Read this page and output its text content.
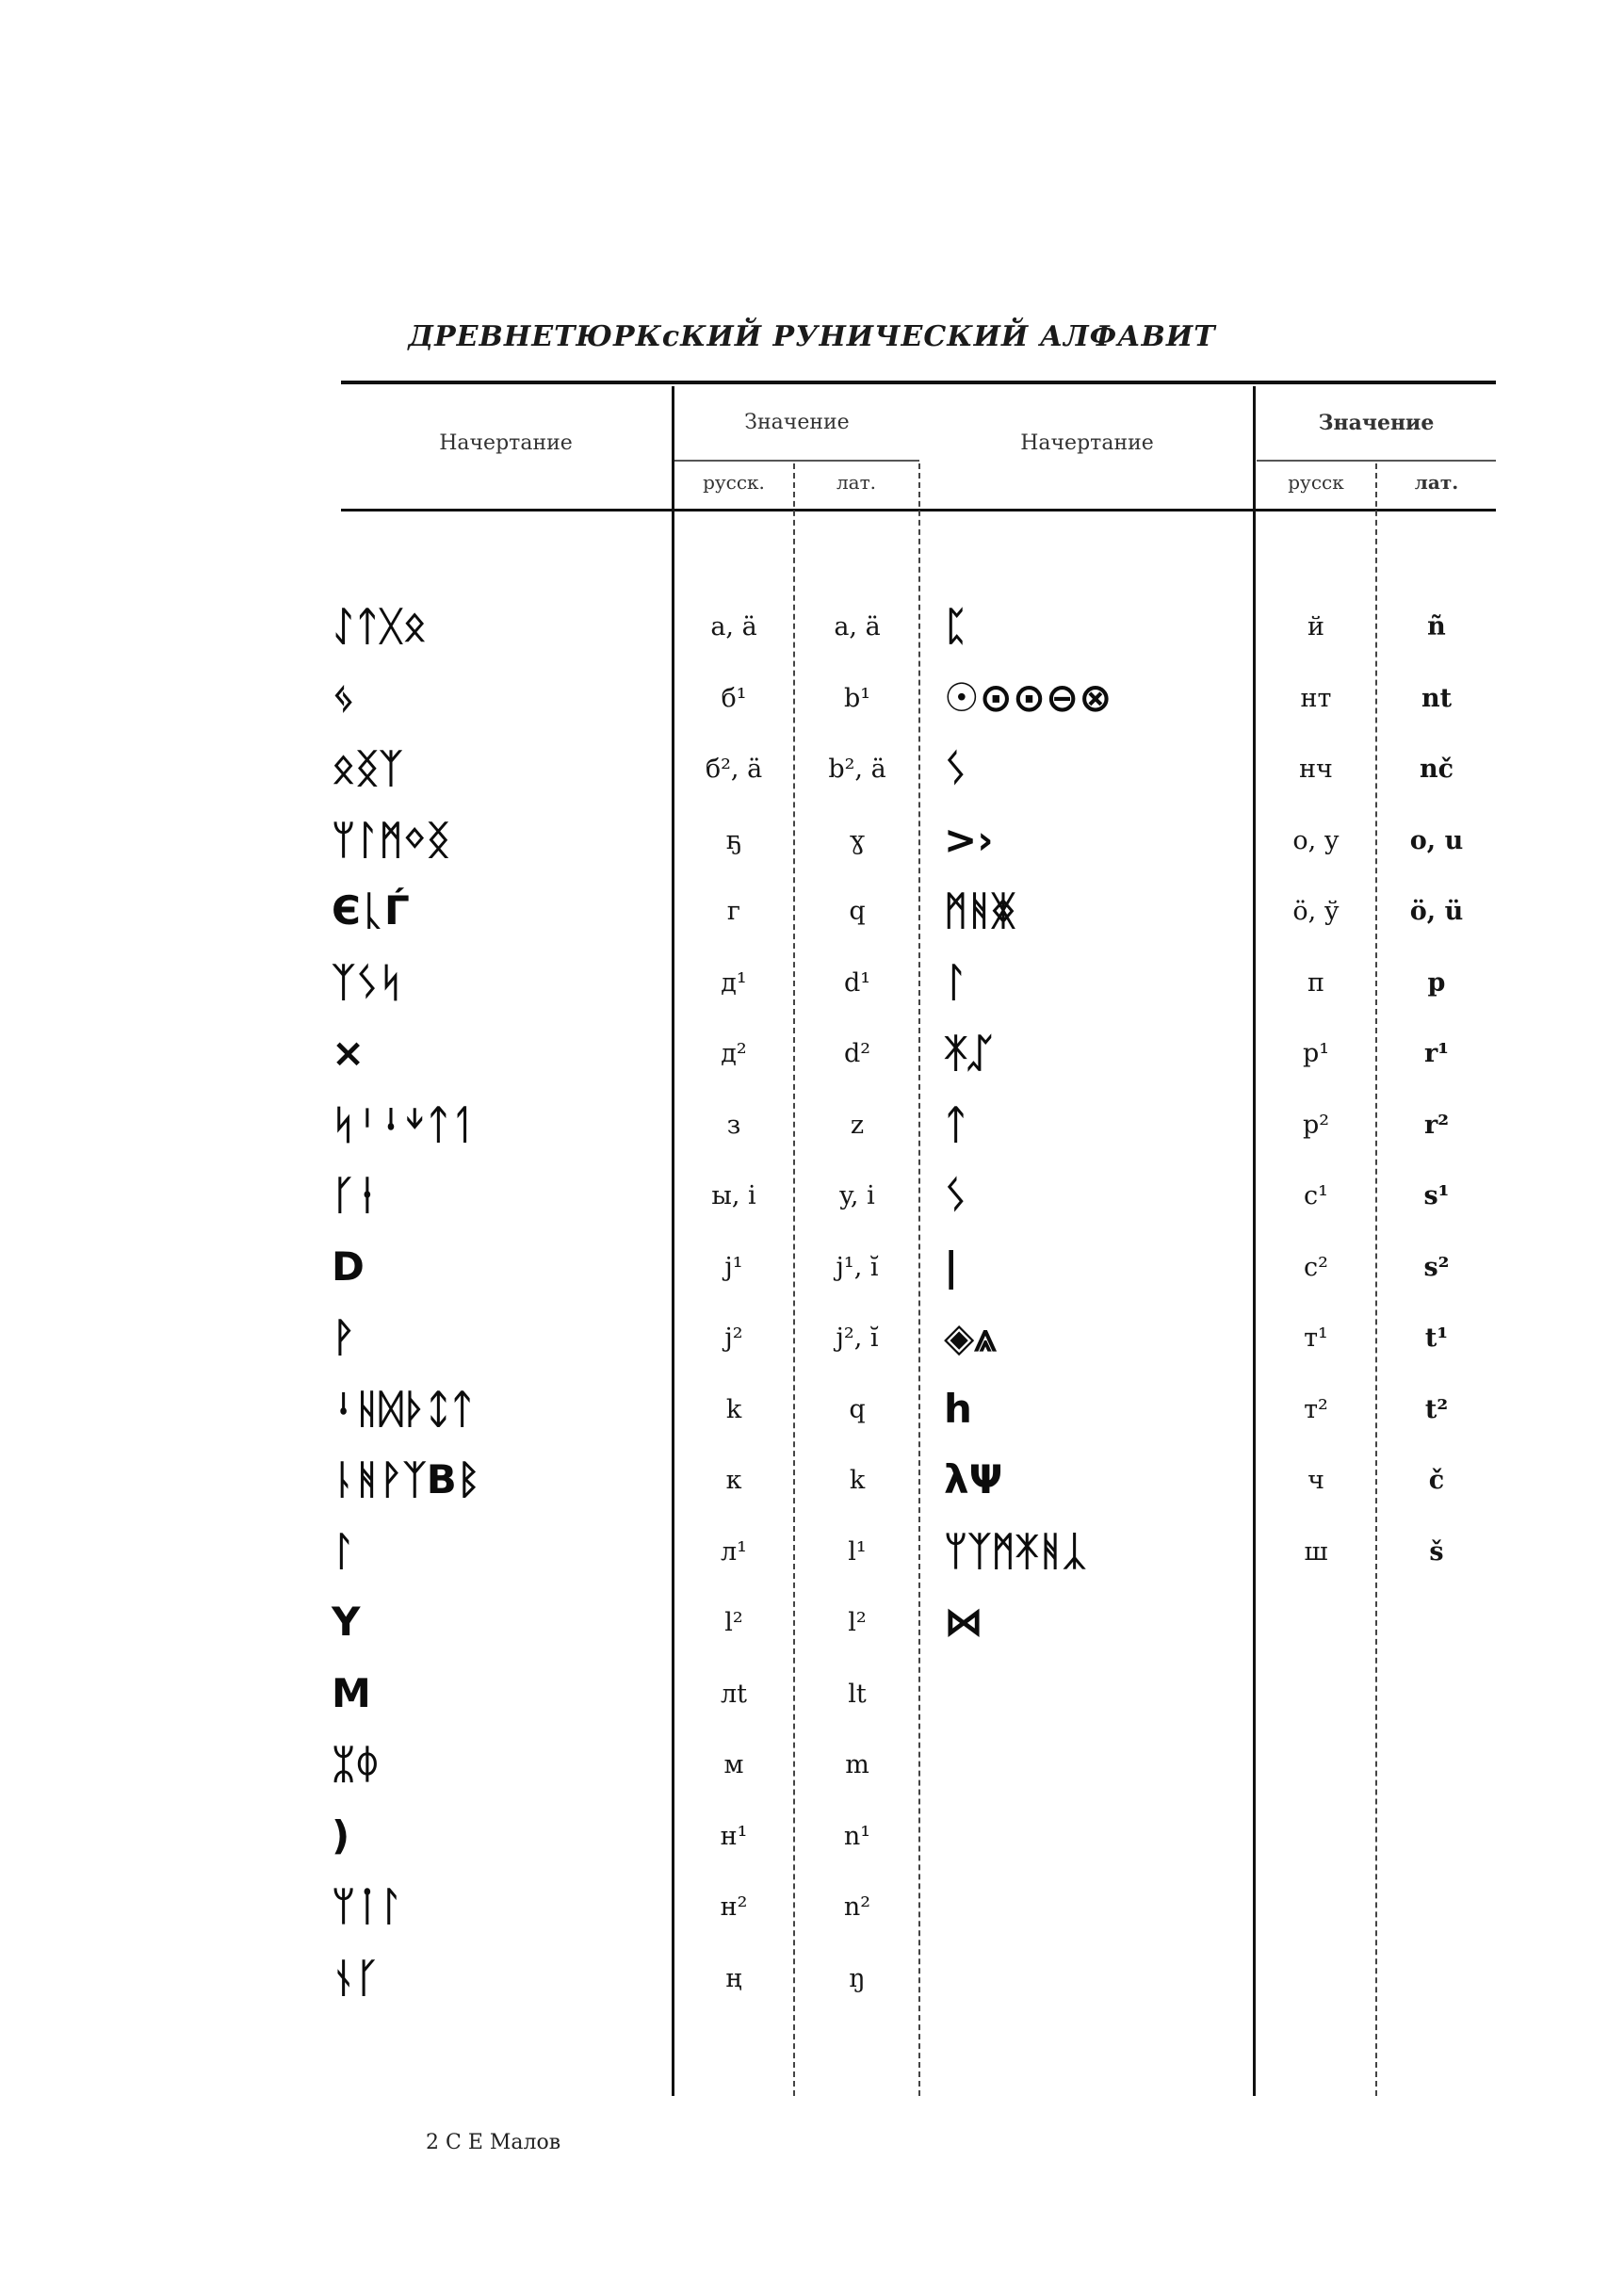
ДРЕВНЕТЮРКcКИЙ РУНИЧЕСКИЙ АЛФАВИТ
Начертание
Значение
русск.	лат.
Начертание
Значение
русск	лат.
ᛇᛏᚷᛟ	а, ä	a, ä
ᛃ	б¹	b¹
ᛟᛝᛉ	б², ä	b², ä
ᛘᛚᛗᛜᛝ	ҕ	ɣ
ЄᚳЃ	г	q
ᛉᛊᛋ	д¹	d¹
×	д²	d²
ᛋᛌᛍᛎᛏᛐ	з	z
ᚴᚽ	ы, і	y, i
D	j¹	j¹, ĭ
ᚹ	j²	j², ĭ
ᛍᚺᛞᚦᛨᛏ	k	q
ᚿᚻᚹᛉBᛒ	к	k
ᛚ	л¹	l¹
Y	l²	l²
M	лt	lt
ᛯᛰ	м	m
)	н¹	n¹
ᛘᛙᛚ	н²	n²
ᚾᚴ	ң	ŋ
ᛈ	й	ñ
☉⊙⊙⊖⊗	нт	nt
ᛊ	нч	nč
>›	о, у	o, u
ᛗᚻᛤ	ö, ў	ö, ü
ᛚ	п	p
ᛡᛢ	р¹	r¹
ᛏ	р²	r²
ᛊ	с¹	s¹
|	с²	s²
◈⩓	т¹	t¹
h	т²	t²
λΨ	ч	č
ᛘᛉᛗᛡᚻᛣ	ш	š
⋈
2 С Е Малов
